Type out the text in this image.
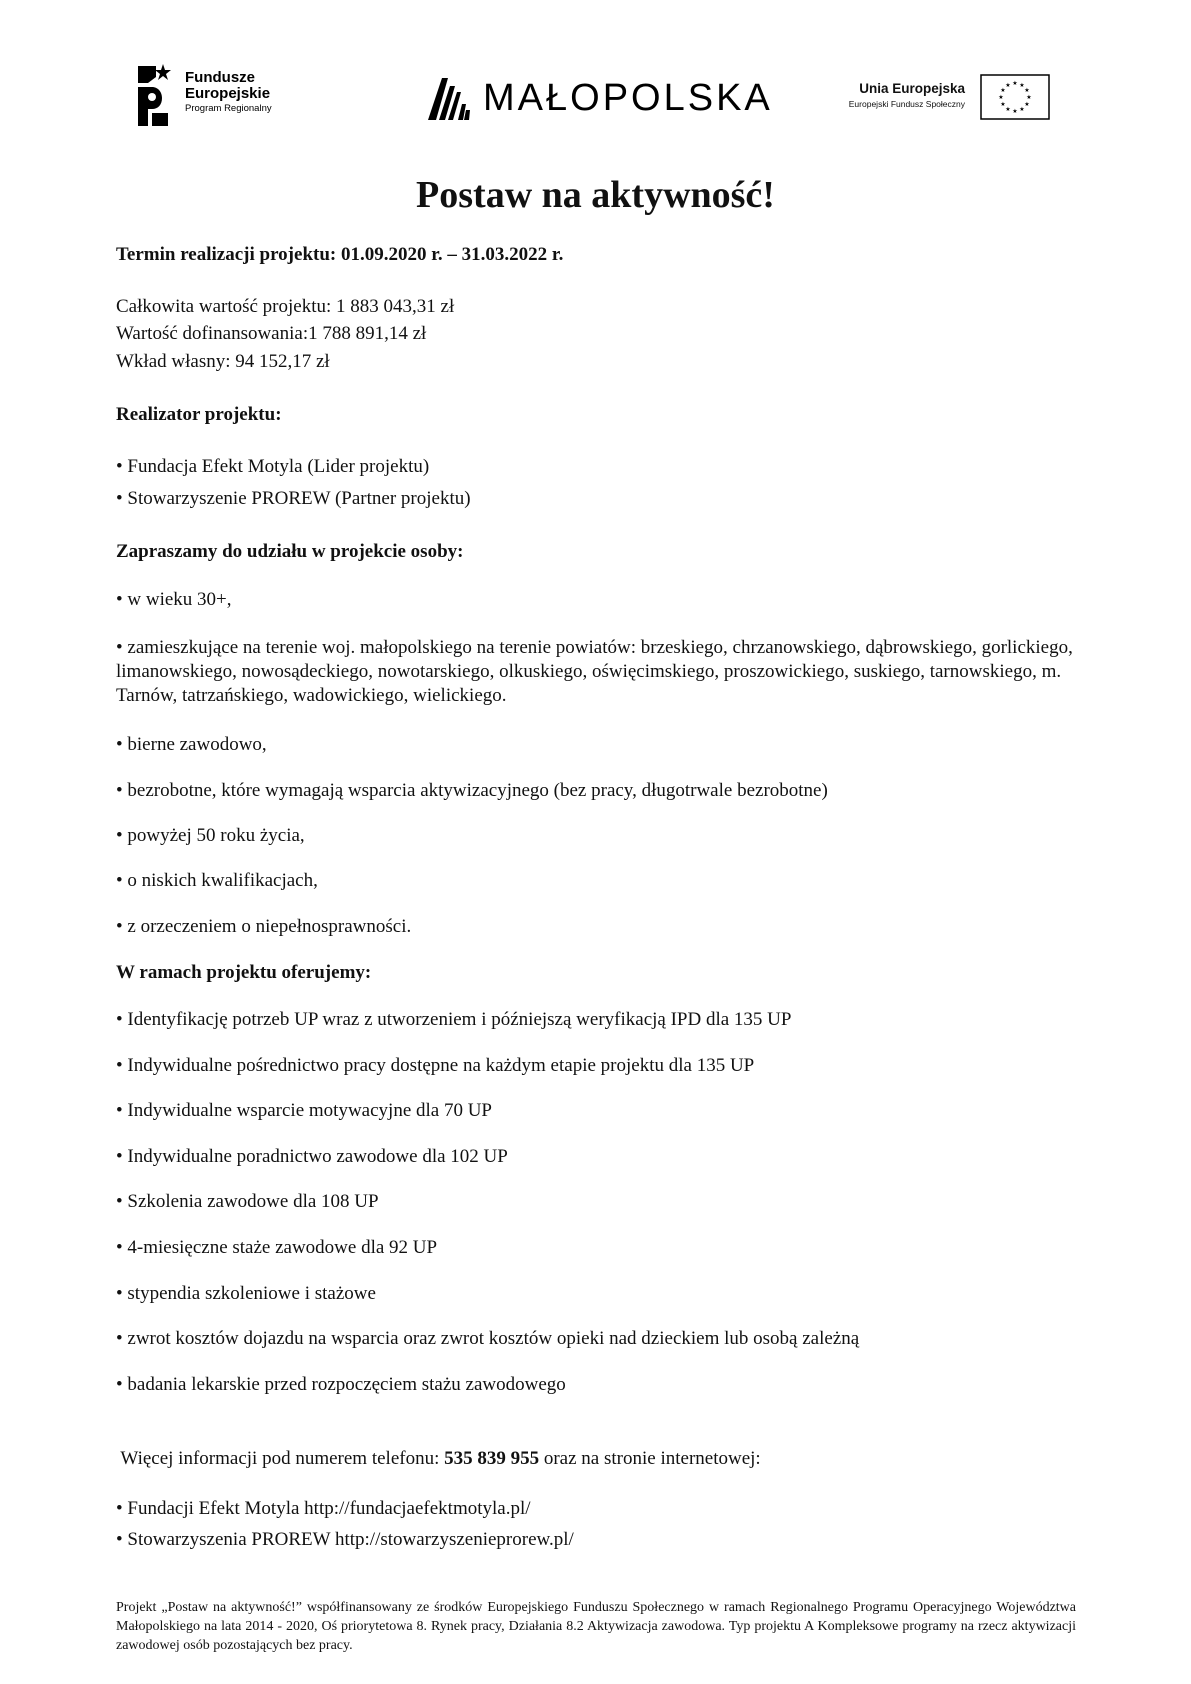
Fundusze
Europejskie
Program Regionalny	MAŁOPOLSKA	Unia Europejska
Europejski Fundusz Społeczny
★ ★
★
★
★
★
★
★
★
★
★
★
Postaw na aktywność!

Termin realizacji projektu: 01.09.2020 r. – 31.03.2022 r.

Całkowita wartość projektu: 1 883 043,31 zł

Wartość dofinansowania:1 788 891,14 zł

Wkład własny: 94 152,17 zł

Realizator projektu:

• Fundacja Efekt Motyla (Lider projektu)

• Stowarzyszenie PROREW (Partner projektu)

Zapraszamy do udziału w projekcie osoby:

• w wieku 30+,

• zamieszkujące na terenie woj. małopolskiego na terenie powiatów: brzeskiego, chrzanowskiego, dąbrowskiego, gorlickiego, limanowskiego, nowosądeckiego, nowotarskiego, olkuskiego, oświęcimskiego, proszowickiego, suskiego, tarnowskiego, m. Tarnów, tatrzańskiego, wadowickiego, wielickiego.

• bierne zawodowo,

• bezrobotne, które wymagają wsparcia aktywizacyjnego (bez pracy, długotrwale bezrobotne)

• powyżej 50 roku życia,

• o niskich kwalifikacjach,

• z orzeczeniem o niepełnosprawności.

W ramach projektu oferujemy:

• Identyfikację potrzeb UP wraz z utworzeniem i późniejszą weryfikacją IPD dla 135 UP

• Indywidualne pośrednictwo pracy dostępne na każdym etapie projektu dla 135 UP

• Indywidualne wsparcie motywacyjne dla 70 UP

• Indywidualne poradnictwo zawodowe dla 102 UP

• Szkolenia zawodowe dla 108 UP

• 4-miesięczne staże zawodowe dla 92 UP

• stypendia szkoleniowe i stażowe

• zwrot kosztów dojazdu na wsparcia oraz zwrot kosztów opieki nad dzieckiem lub osobą zależną

• badania lekarskie przed rozpoczęciem stażu zawodowego

Więcej informacji pod numerem telefonu: 535 839 955 oraz na stronie internetowej:

• Fundacji Efekt Motyla http://fundacjaefektmotyla.pl/

• Stowarzyszenia PROREW http://stowarzyszenieprorew.pl/

Projekt „Postaw na aktywność!” współfinansowany ze środków Europejskiego Funduszu Społecznego w ramach Regionalnego Programu Operacyjnego Województwa Małopolskiego na lata 2014 - 2020, Oś priorytetowa 8. Rynek pracy, Działania 8.2 Aktywizacja zawodowa. Typ projektu A Kompleksowe programy na rzecz aktywizacji zawodowej osób pozostających bez pracy.
